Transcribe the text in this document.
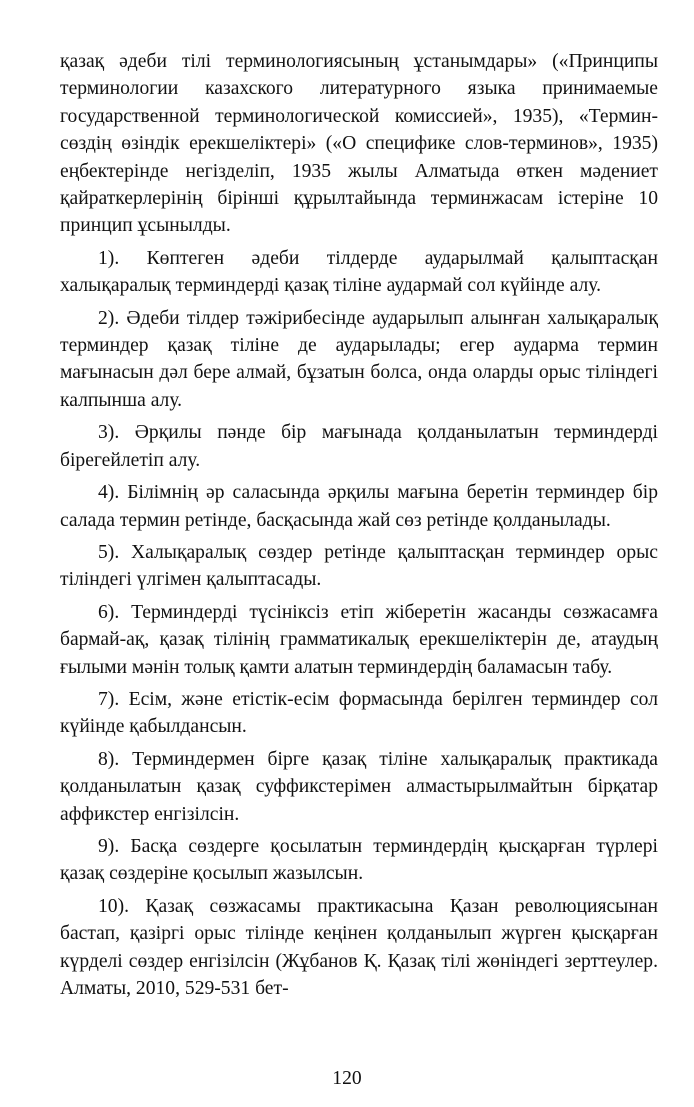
қазақ әдеби тілі терминологиясының ұстанымдары» («Принципы терминологии казахского литературного языка принимаемые государственной терминологической комиссией», 1935), «Термин-сөздің өзіндік ерекшеліктері» («О специфике слов-терминов», 1935) еңбектерінде негізделіп, 1935 жылы Алматыда өткен мәдениет қайраткерлерінің бірінші құрылтайында терминжасам істеріне 10 принцип ұсынылды.

1). Көптеген әдеби тілдерде аударылмай қалыптасқан халықаралық терминдерді қазақ тіліне аудармай сол күйінде алу.

2). Әдеби тілдер тәжірибесінде аударылып алынған халықаралық терминдер қазақ тіліне де аударылады; егер аударма термин мағынасын дәл бере алмай, бұзатын болса, онда оларды орыс тіліндегі калпынша алу.

3). Әрқилы пәнде бір мағынада қолданылатын терминдерді бірегейлетіп алу.

4). Білімнің әр саласында әрқилы мағына беретін терминдер бір салада термин ретінде, басқасында жай сөз ретінде қолданылады.

5). Халықаралық сөздер ретінде қалыптасқан терминдер орыс тіліндегі үлгімен қалыптасады.

6). Терминдерді түсініксіз етіп жіберетін жасанды сөзжасамға бармай-ақ, қазақ тілінің грамматикалық ерекшеліктерін де, атаудың ғылыми мәнін толық қамти алатын терминдердің баламасын табу.

7). Есім, және етістік-есім формасында берілген терминдер сол күйінде қабылдансын.

8). Терминдермен бірге қазақ тіліне халықаралық практикада қолданылатын қазақ суффикстерімен алмастырылмайтын бірқатар аффикстер енгізілсін.

9). Басқа сөздерге қосылатын терминдердің қысқарған түрлері қазақ сөздеріне қосылып жазылсын.

10). Қазақ сөзжасамы практикасына Қазан революциясынан бастап, қазіргі орыс тілінде кеңінен қолданылып жүрген қысқарған күрделі сөздер енгізілсін (Жұбанов Қ. Қазақ тілі жөніндегі зерттеулер. Алматы, 2010, 529-531 бет-

120
